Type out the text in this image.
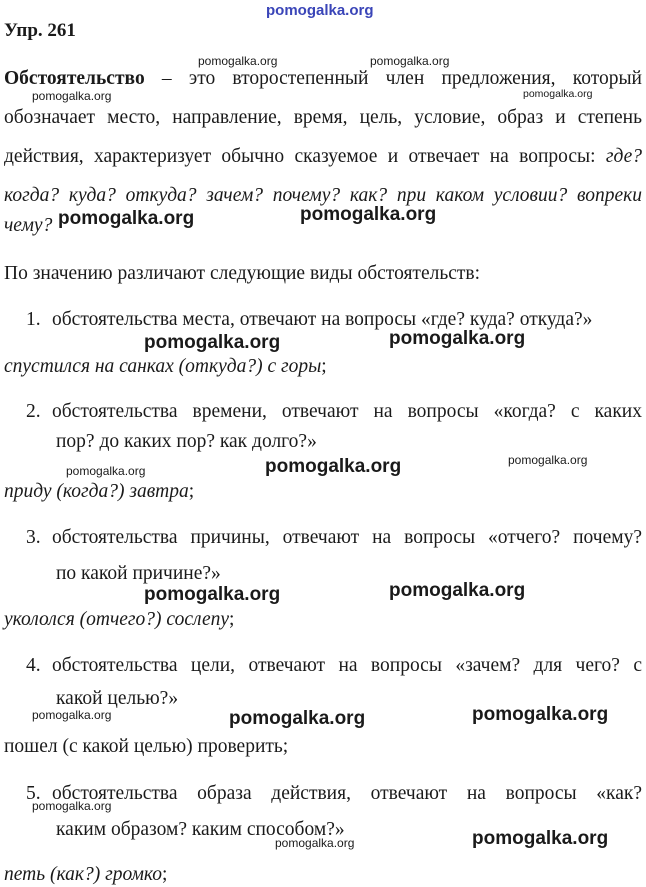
pomogalka.org
Упр. 261
Обстоятельство – это второстепенный член предложения, который
обозначает место, направление, время, цель, условие, образ и степень
действия, характеризует обычно сказуемое и отвечает на вопросы: где?
когда? куда? откуда? зачем? почему? как? при каком условии? вопреки
чему?
По значению различают следующие виды обстоятельств:
1. обстоятельства места, отвечают на вопросы «где? куда? откуда?»
спустился на санках (откуда?) с горы;
2. обстоятельства времени, отвечают на вопросы «когда? с каких
пор? до каких пор? как долго?»
приду (когда?) завтра;
3. обстоятельства причины, отвечают на вопросы «отчего? почему?
по какой причине?»
укололся (отчего?) сослепу;
4. обстоятельства цели, отвечают на вопросы «зачем? для чего? с
какой целью?»
пошел (с какой целью) проверить;
5. обстоятельства образа действия, отвечают на вопросы «как?
каким образом? каким способом?»
петь (как?) громко;
pomogalka.org	pomogalka.org
pomogalka.org	pomogalka.org
pomogalka.org	pomogalka.org
pomogalka.org	pomogalka.org
pomogalka.org	pomogalka.org	pomogalka.org
pomogalka.org	pomogalka.org
pomogalka.org	pomogalka.org	pomogalka.org
pomogalka.org
pomogalka.org
pomogalka.org
